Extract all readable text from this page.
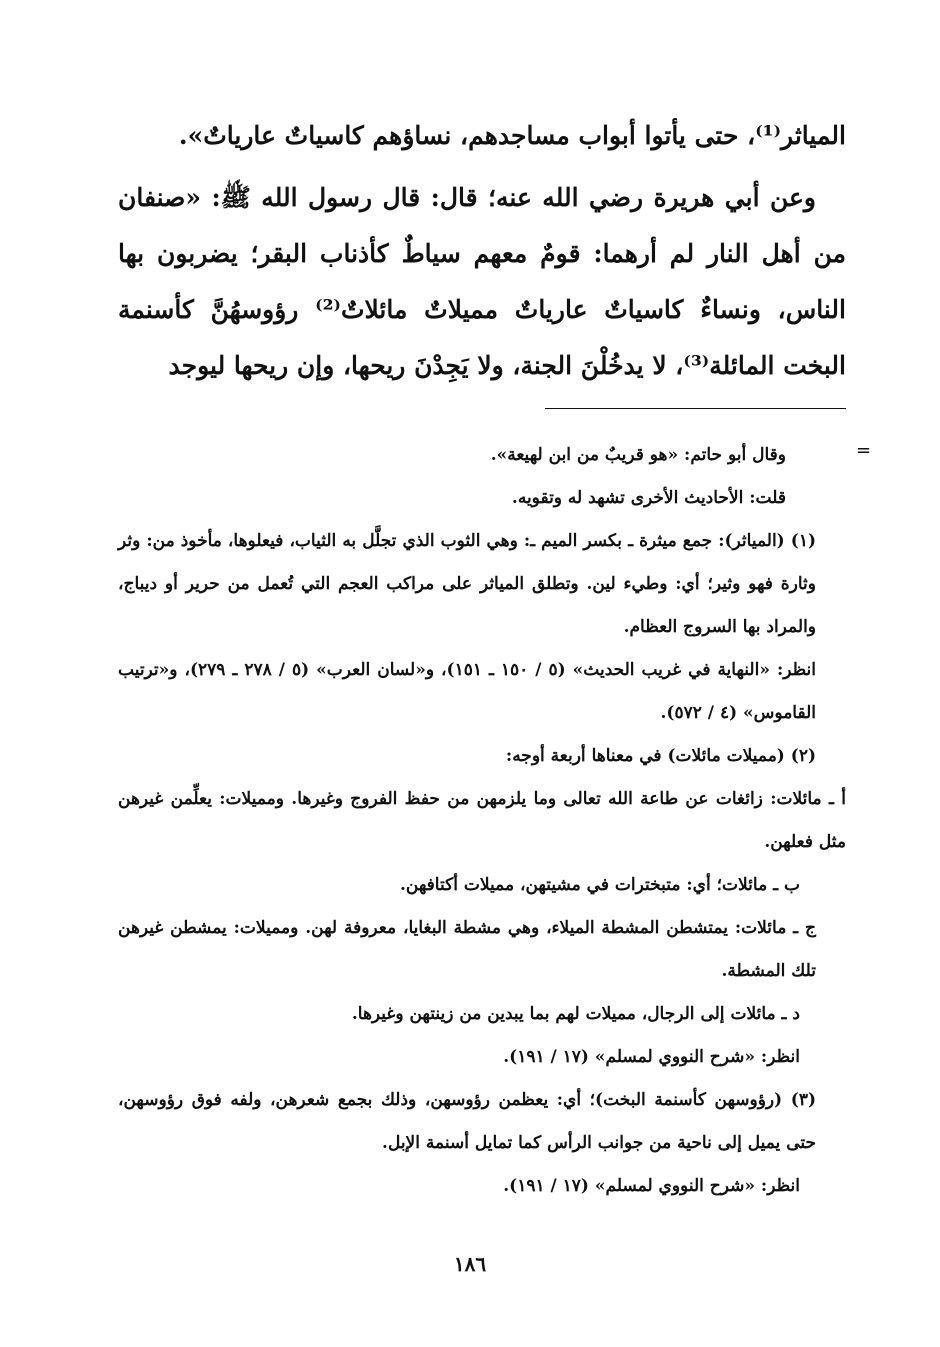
المياثر⁽¹⁾، حتى يأتوا أبواب مساجدهم، نساؤهم كاسياتٌ عارياتٌ».

وعن أبي هريرة رضي الله عنه؛ قال: قال رسول الله ﷺ: «صنفان من أهل النار لم أرهما: قومٌ معهم سياطٌ كأذناب البقر؛ يضربون بها الناس، ونساءٌ كاسياتٌ عارياتٌ مميلاتٌ مائلاتٌ⁽²⁾ رؤوسهُنَّ كأسنمة البخت المائلة⁽³⁾، لا يدخُلْنَ الجنة، ولا يَجِدْنَ ريحها، وإن ريحها ليوجد

=

وقال أبو حاتم: «هو قريبٌ من ابن لهيعة».

قلت: الأحاديث الأخرى تشهد له وتقويه.

(١) (المياثر): جمع ميثرة ـ بكسر الميم ـ: وهي الثوب الذي تجلَّل به الثياب، فيعلوها، مأخوذ من: وثر وثارة فهو وثير؛ أي: وطيء لين. وتطلق المياثر على مراكب العجم التي تُعمل من حرير أو ديباج، والمراد بها السروج العظام.

انظر: «النهاية في غريب الحديث» (٥ / ١٥٠ ـ ١٥١)، و«لسان العرب» (٥ / ٢٧٨ ـ ٢٧٩)، و«ترتيب القاموس» (٤ / ٥٧٢).

(٢) (مميلات مائلات) في معناها أربعة أوجه:

أ ـ مائلات: زائغات عن طاعة الله تعالى وما يلزمهن من حفظ الفروج وغيرها. ومميلات: يعلِّمن غيرهن مثل فعلهن.

ب ـ مائلات؛ أي: متبخترات في مشيتهن، مميلات أكتافهن.

ج ـ مائلات: يمتشطن المشطة الميلاء، وهي مشطة البغايا، معروفة لهن. ومميلات: يمشطن غيرهن تلك المشطة.

د ـ مائلات إلى الرجال، مميلات لهم بما يبدين من زينتهن وغيرها.

انظر: «شرح النووي لمسلم» (١٧ / ١٩١).

(٣) (رؤوسهن كأسنمة البخت)؛ أي: يعظمن رؤوسهن، وذلك بجمع شعرهن، ولفه فوق رؤوسهن، حتى يميل إلى ناحية من جوانب الرأس كما تمايل أسنمة الإبل.

انظر: «شرح النووي لمسلم» (١٧ / ١٩١).

١٨٦
